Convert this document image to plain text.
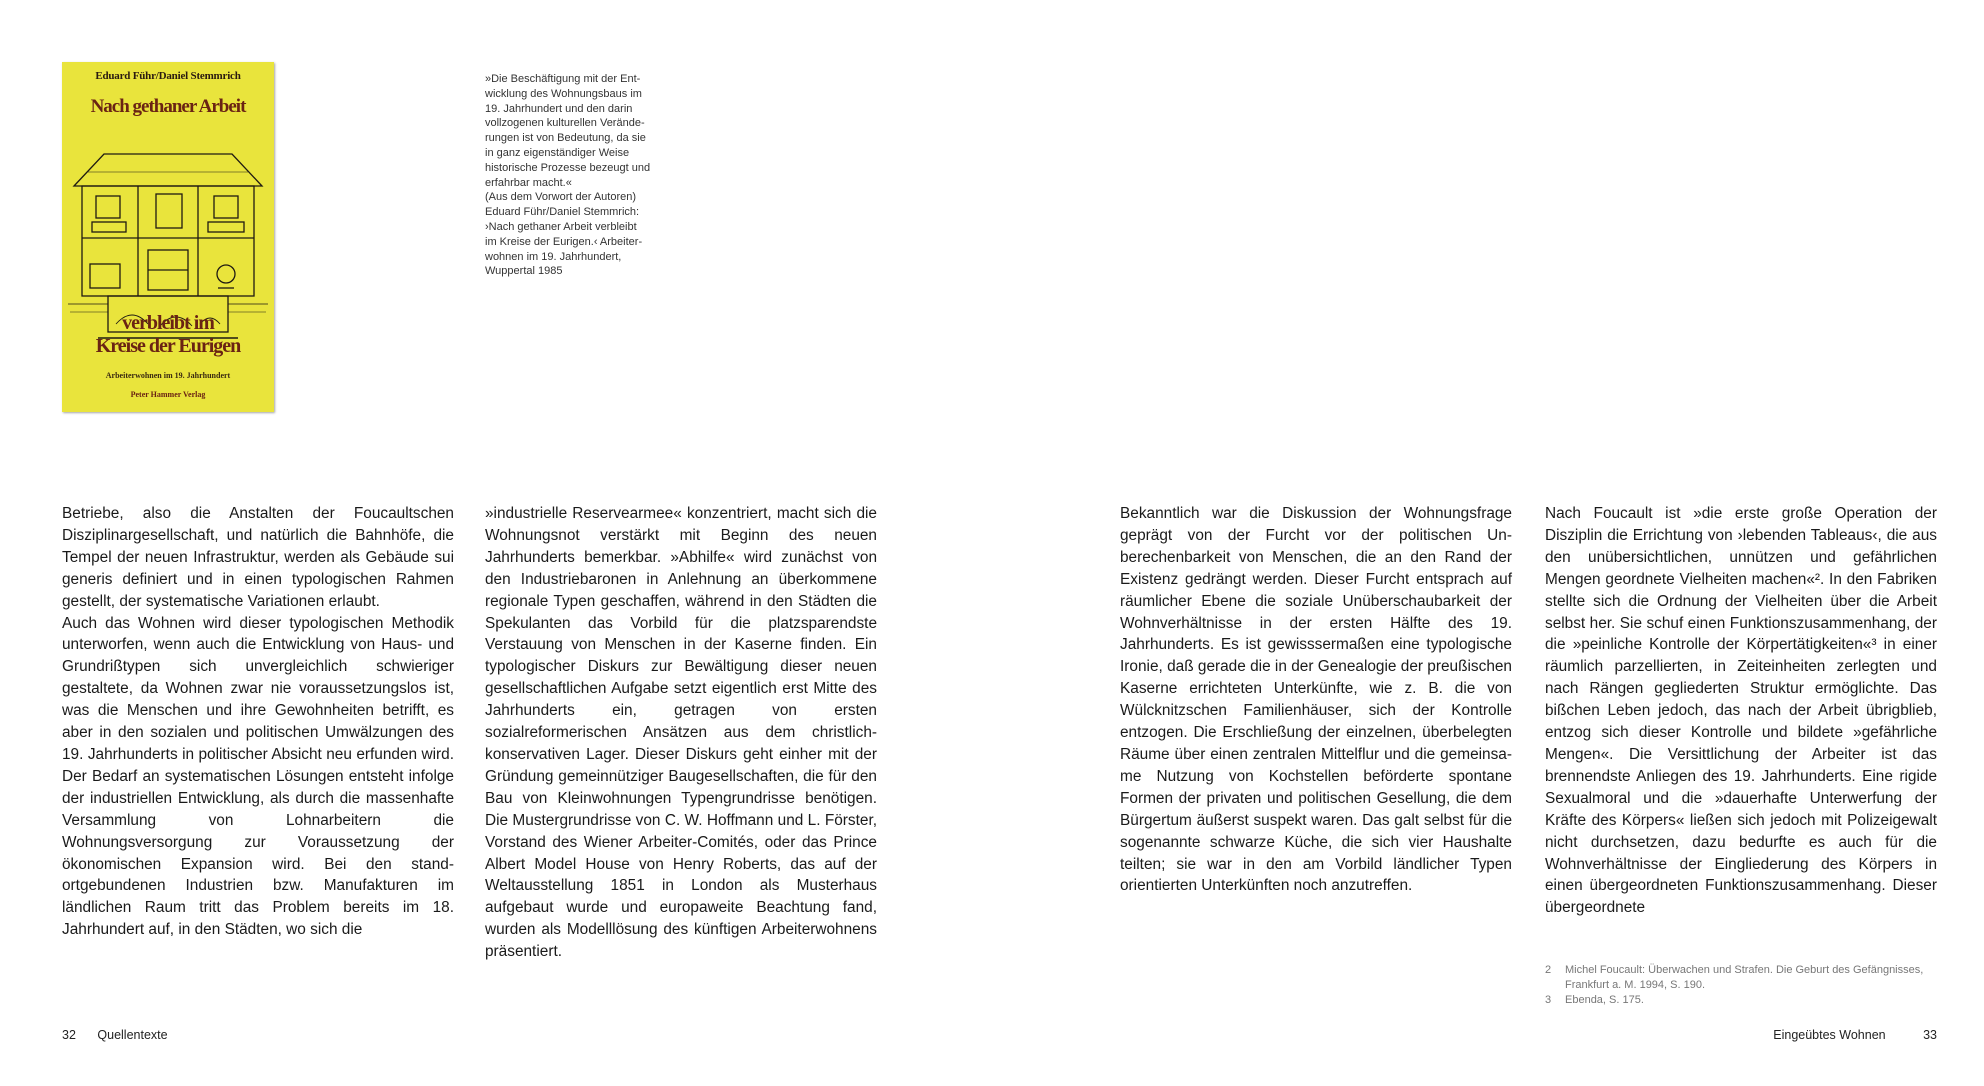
Eduard Führ/Daniel Stemmrich
Nach gethaner Arbeit
verbleibt im
Kreise der Eurigen
Arbeiterwohnen im 19. Jahrhundert
Peter Hammer Verlag
»Die Beschäftigung mit der Ent-
wicklung des Wohnungsbaus im
19. Jahrhundert und den darin
vollzogenen kulturellen Verände-
rungen ist von Bedeutung, da sie
in ganz eigenständiger Weise
historische Prozesse bezeugt und
erfahrbar macht.«
(Aus dem Vorwort der Autoren)
Eduard Führ/Daniel Stemmrich:
›Nach gethaner Arbeit verbleibt
im Kreise der Eurigen.‹ Arbeiter-
wohnen im 19. Jahrhundert,
Wuppertal 1985

Betriebe, also die Anstalten der Foucaultschen Disziplinargesellschaft, und natürlich die Bahnhöfe, die Tempel der neuen Infrastruktur, werden als Gebäude sui generis definiert und in einen typologischen Rahmen gestellt, der systematische Variationen erlaubt.

Auch das Wohnen wird dieser typologischen Methodik unterworfen, wenn auch die Entwicklung von Haus- und Grundrißtypen sich unvergleichlich schwieriger gestaltete, da Wohnen zwar nie voraussetzungslos ist, was die Menschen und ihre Gewohnheiten betrifft, es aber in den sozialen und politischen Umwälzungen des 19. Jahrhunderts in politischer Absicht neu erfunden wird. Der Bedarf an systematischen Lösungen entsteht infolge der industriellen Entwicklung, als durch die massenhafte Versammlung von Lohnarbeitern die Wohnungsversorgung zur Voraussetzung der ökonomischen Expansion wird. Bei den standortgebundenen Industrien bzw. Manufakturen im ländlichen Raum tritt das Problem bereits im 18. Jahrhundert auf, in den Städten, wo sich die

»industrielle Reservearmee« konzentriert, macht sich die Wohnungsnot verstärkt mit Beginn des neuen Jahrhunderts bemerkbar. »Abhilfe« wird zunächst von den Industriebaronen in Anlehnung an überkommene regionale Typen geschaffen, während in den Städten die Spekulanten das Vorbild für die platzsparendste Verstauung von Menschen in der Kaserne finden. Ein typologischer Diskurs zur Bewältigung dieser neuen gesellschaftlichen Aufgabe setzt eigentlich erst Mitte des Jahrhunderts ein, getragen von ersten sozialreformerischen Ansätzen aus dem christlich-konservativen Lager. Dieser Diskurs geht einher mit der Gründung gemeinnütziger Baugesellschaften, die für den Bau von Kleinwohnungen Typengrundrisse benötigen. Die Mustergrundrisse von C. W. Hoffmann und L. Förster, Vorstand des Wiener Arbeiter-Comités, oder das Prince Albert Model House von Henry Roberts, das auf der Weltausstellung 1851 in London als Musterhaus aufgebaut wurde und europaweite Beachtung fand, wurden als Modelllösung des künftigen Arbeiterwohnens präsentiert.

32 Quellentexte

Bekanntlich war die Diskussion der Wohnungsfrage geprägt von der Furcht vor der politischen Unberechenbarkeit von Menschen, die an den Rand der Existenz gedrängt werden. Dieser Furcht entsprach auf räumlicher Ebene die soziale Unüberschaubarkeit der Wohnverhältnisse in der ersten Hälfte des 19. Jahrhunderts. Es ist gewisssermaßen eine typologische Ironie, daß gerade die in der Genealogie der preußischen Kaserne errichteten Unterkünfte, wie z. B. die von Wülcknitzschen Familienhäuser, sich der Kontrolle entzogen. Die Erschließung der einzelnen, überbelegten Räume über einen zentralen Mittelflur und die gemeinsame Nutzung von Kochstellen beförderte spontane Formen der privaten und politischen Gesellung, die dem Bürgertum äußerst suspekt waren. Das galt selbst für die sogenannte schwarze Küche, die sich vier Haushalte teilten; sie war in den am Vorbild ländlicher Typen orientierten Unterkünften noch anzutreffen.

Nach Foucault ist »die erste große Operation der Disziplin die Errichtung von ›lebenden Tableaus‹, die aus den unübersichtlichen, unnützen und gefährlichen Mengen geordnete Vielheiten machen«². In den Fabriken stellte sich die Ordnung der Vielheiten über die Arbeit selbst her. Sie schuf einen Funktionszusammenhang, der die »peinliche Kontrolle der Körpertätigkeiten«³ in einer räumlich parzellierten, in Zeiteinheiten zerlegten und nach Rängen gegliederten Struktur ermöglichte. Das bißchen Leben jedoch, das nach der Arbeit übrigblieb, entzog sich dieser Kontrolle und bildete »gefährliche Mengen«. Die Versittlichung der Arbeiter ist das brennendste Anliegen des 19. Jahrhunderts. Eine rigide Sexualmoral und die »dauerhafte Unterwerfung der Kräfte des Körpers« ließen sich jedoch mit Polizeigewalt nicht durchsetzen, dazu bedurfte es auch für die Wohnverhältnisse der Eingliederung des Körpers in einen übergeordneten Funktionszusammenhang. Dieser übergeordnete

2	Michel Foucault: Überwachen und Strafen. Die Geburt des Gefängnisses, Frankfurt a. M. 1994, S. 190.
3	Ebenda, S. 175.
Eingeübtes Wohnen	33
